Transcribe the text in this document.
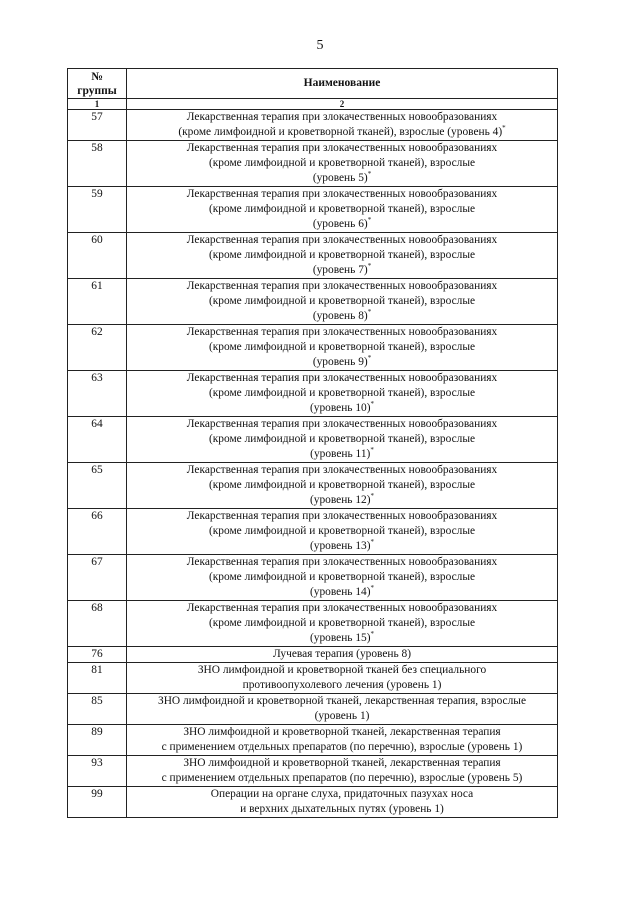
5
№
группы	Наименование
1	2
57	Лекарственная терапия при злокачественных новообразованиях
(кроме лимфоидной и кроветворной тканей), взрослые (уровень 4)*

58	Лекарственная терапия при злокачественных новообразованиях
(кроме лимфоидной и кроветворной тканей), взрослые
(уровень 5)*

59	Лекарственная терапия при злокачественных новообразованиях
(кроме лимфоидной и кроветворной тканей), взрослые
(уровень 6)*

60	Лекарственная терапия при злокачественных новообразованиях
(кроме лимфоидной и кроветворной тканей), взрослые
(уровень 7)*

61	Лекарственная терапия при злокачественных новообразованиях
(кроме лимфоидной и кроветворной тканей), взрослые
(уровень 8)*

62	Лекарственная терапия при злокачественных новообразованиях
(кроме лимфоидной и кроветворной тканей), взрослые
(уровень 9)*

63	Лекарственная терапия при злокачественных новообразованиях
(кроме лимфоидной и кроветворной тканей), взрослые
(уровень 10)*

64	Лекарственная терапия при злокачественных новообразованиях
(кроме лимфоидной и кроветворной тканей), взрослые
(уровень 11)*

65	Лекарственная терапия при злокачественных новообразованиях
(кроме лимфоидной и кроветворной тканей), взрослые
(уровень 12)*

66	Лекарственная терапия при злокачественных новообразованиях
(кроме лимфоидной и кроветворной тканей), взрослые
(уровень 13)*

67	Лекарственная терапия при злокачественных новообразованиях
(кроме лимфоидной и кроветворной тканей), взрослые
(уровень 14)*

68	Лекарственная терапия при злокачественных новообразованиях
(кроме лимфоидной и кроветворной тканей), взрослые
(уровень 15)*

76	Лучевая терапия (уровень 8)

81	ЗНО лимфоидной и кроветворной тканей без специального
противоопухолевого лечения (уровень 1)

85	ЗНО лимфоидной и кроветворной тканей, лекарственная терапия, взрослые
(уровень 1)

89	ЗНО лимфоидной и кроветворной тканей, лекарственная терапия
с применением отдельных препаратов (по перечню), взрослые (уровень 1)

93	ЗНО лимфоидной и кроветворной тканей, лекарственная терапия
с применением отдельных препаратов (по перечню), взрослые (уровень 5)

99	Операции на органе слуха, придаточных пазухах носа
и верхних дыхательных путях (уровень 1)
